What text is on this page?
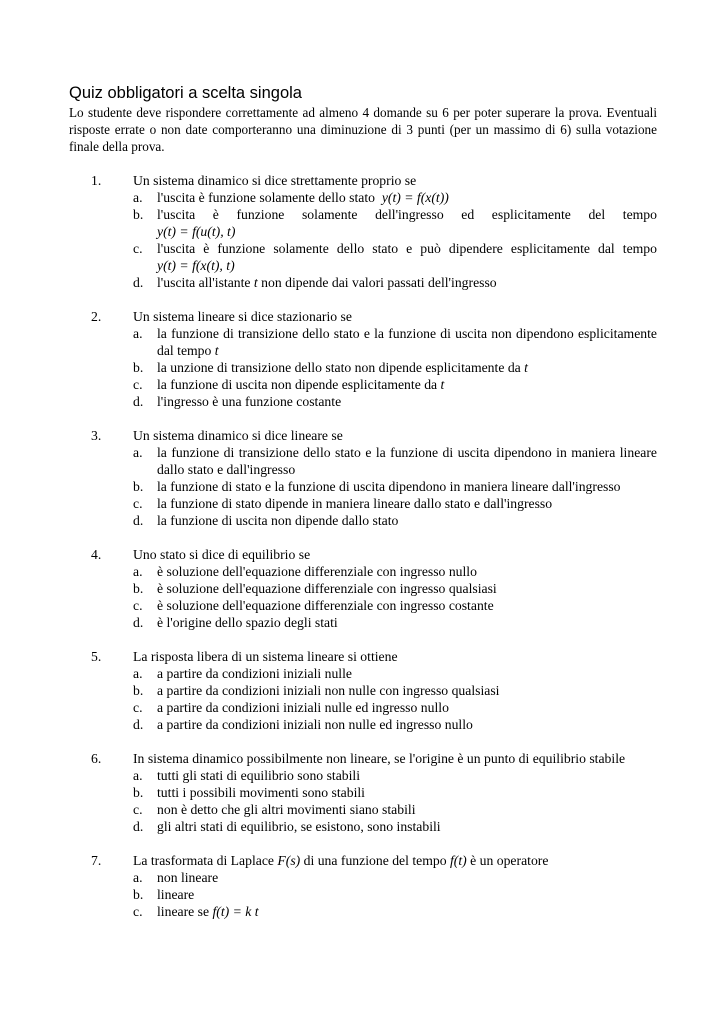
Quiz obbligatori a scelta singola

Lo studente deve rispondere correttamente ad almeno 4 domande su 6 per poter superare la prova. Eventuali risposte errate o non date comporteranno una diminuzione di 3 punti (per un massimo di 6) sulla votazione finale della prova.

1. Un sistema dinamico si dice strettamente proprio se
a. l'uscita è funzione solamente dello stato y(t) = f(x(t))
b. l'uscita è funzione solamente dell'ingresso ed esplicitamente del tempo
y(t) = f(u(t), t)
c. l'uscita è funzione solamente dello stato e può dipendere esplicitamente dal tempo
y(t) = f(x(t), t)
d. l'uscita all'istante t non dipende dai valori passati dell'ingresso
2. Un sistema lineare si dice stazionario se
a. la funzione di transizione dello stato e la funzione di uscita non dipendono esplicitamente dal tempo t
b. la unzione di transizione dello stato non dipende esplicitamente da t
c. la funzione di uscita non dipende esplicitamente da t
d. l'ingresso è una funzione costante
3. Un sistema dinamico si dice lineare se
a. la funzione di transizione dello stato e la funzione di uscita dipendono in maniera lineare dallo stato e dall'ingresso
b. la funzione di stato e la funzione di uscita dipendono in maniera lineare dall'ingresso
c. la funzione di stato dipende in maniera lineare dallo stato e dall'ingresso
d. la funzione di uscita non dipende dallo stato
4. Uno stato si dice di equilibrio se
a. è soluzione dell'equazione differenziale con ingresso nullo
b. è soluzione dell'equazione differenziale con ingresso qualsiasi
c. è soluzione dell'equazione differenziale con ingresso costante
d. è l'origine dello spazio degli stati
5. La risposta libera di un sistema lineare si ottiene
a. a partire da condizioni iniziali nulle
b. a partire da condizioni iniziali non nulle con ingresso qualsiasi
c. a partire da condizioni iniziali nulle ed ingresso nullo
d. a partire da condizioni iniziali non nulle ed ingresso nullo
6. In sistema dinamico possibilmente non lineare, se l'origine è un punto di equilibrio stabile
a. tutti gli stati di equilibrio sono stabili
b. tutti i possibili movimenti sono stabili
c. non è detto che gli altri movimenti siano stabili
d. gli altri stati di equilibrio, se esistono, sono instabili
7. La trasformata di Laplace F(s) di una funzione del tempo f(t) è un operatore
a. non lineare
b. lineare
c. lineare se f(t) = k t
